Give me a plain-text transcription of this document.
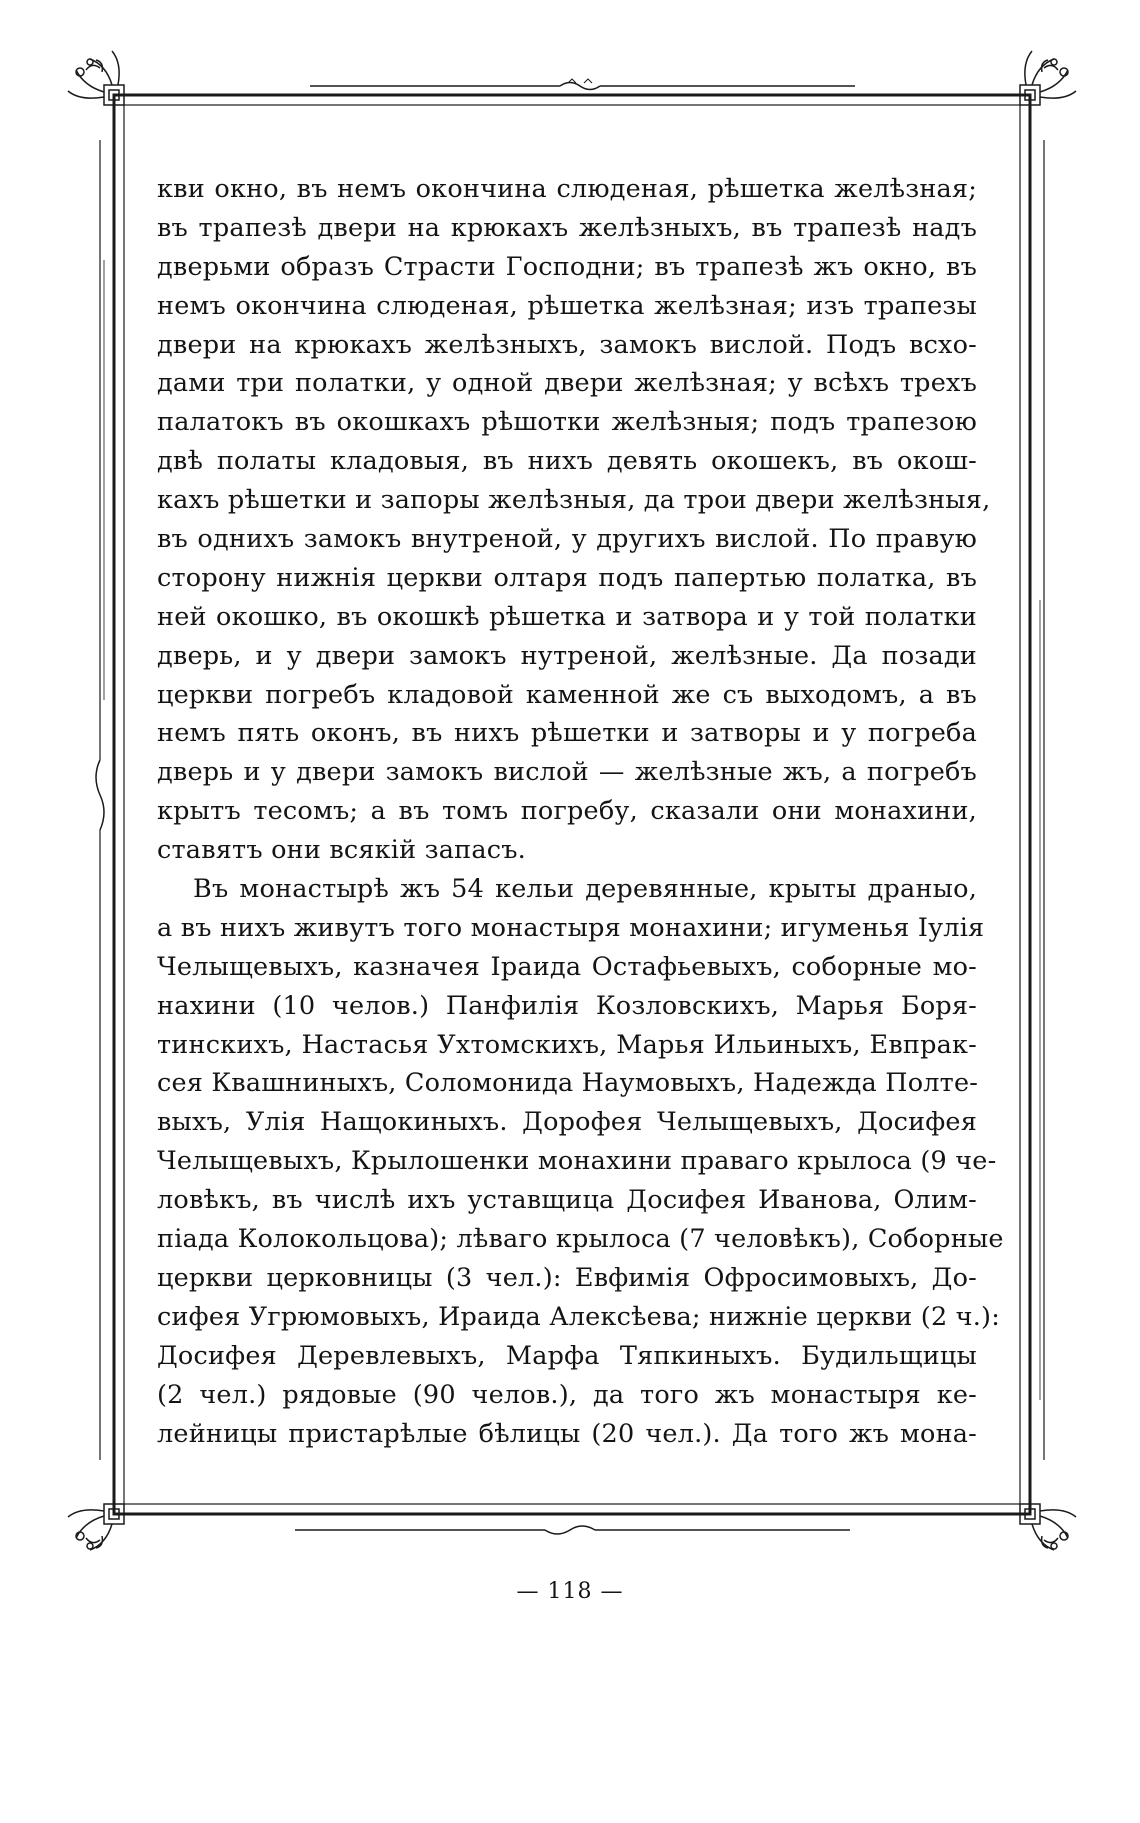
кви окно, въ немъ окончина слюденая, рѣшетка желѣзная;
въ трапезѣ двери на крюкахъ желѣзныхъ, въ трапезѣ надъ
дверьми образъ Страсти Господни; въ трапезѣ жъ окно, въ
немъ окончина слюденая, рѣшетка желѣзная; изъ трапезы
двери на крюкахъ желѣзныхъ, замокъ вислой. Подъ всхо-
дами три полатки, у одной двери желѣзная; у всѣхъ трехъ
палатокъ въ окошкахъ рѣшотки желѣзныя; подъ трапезою
двѣ полаты кладовыя, въ нихъ девять окошекъ, въ окош-
кахъ рѣшетки и запоры желѣзныя, да трои двери желѣзныя,
въ однихъ замокъ внутреной, у другихъ вислой. По правую
сторону нижнія церкви олтаря подъ папертью полатка, въ
ней окошко, въ окошкѣ рѣшетка и затвора и у той полатки
дверь, и у двери замокъ нутреной, желѣзные. Да позади
церкви погребъ кладовой каменной же съ выходомъ, а въ
немъ пять оконъ, въ нихъ рѣшетки и затворы и у погреба
дверь и у двери замокъ вислой — желѣзные жъ, а погребъ
крытъ тесомъ; а въ томъ погребу, сказали они монахини,
ставятъ они всякій запасъ.
Въ монастырѣ жъ 54 кельи деревянные, крыты драныо,
а въ нихъ живутъ того монастыря монахини; игуменья Іулія
Челыщевыхъ, казначея Іраида Остафьевыхъ, соборные мо-
нахини (10 челов.) Панфилія Козловскихъ, Марья Боря-
тинскихъ, Настасья Ухтомскихъ, Марья Ильиныхъ, Евпрак-
сея Квашниныхъ, Соломонида Наумовыхъ, Надежда Полте-
выхъ, Улія Нащокиныхъ. Дорофея Челыщевыхъ, Досифея
Челыщевыхъ, Крылошенки монахини праваго крылоса (9 че-
ловѣкъ, въ числѣ ихъ уставщица Досифея Иванова, Олим-
піада Колокольцова); лѣваго крылоса (7 человѣкъ), Соборные
церкви церковницы (3 чел.): Евфимія Офросимовыхъ, До-
сифея Угрюмовыхъ, Ираида Алексѣева; нижніе церкви (2 ч.):
Досифея Деревлевыхъ, Марфа Тяпкиныхъ. Будильщицы
(2 чел.) рядовые (90 челов.), да того жъ монастыря ке-
лейницы пристарѣлые бѣлицы (20 чел.). Да того жъ мона-
— 118 —
